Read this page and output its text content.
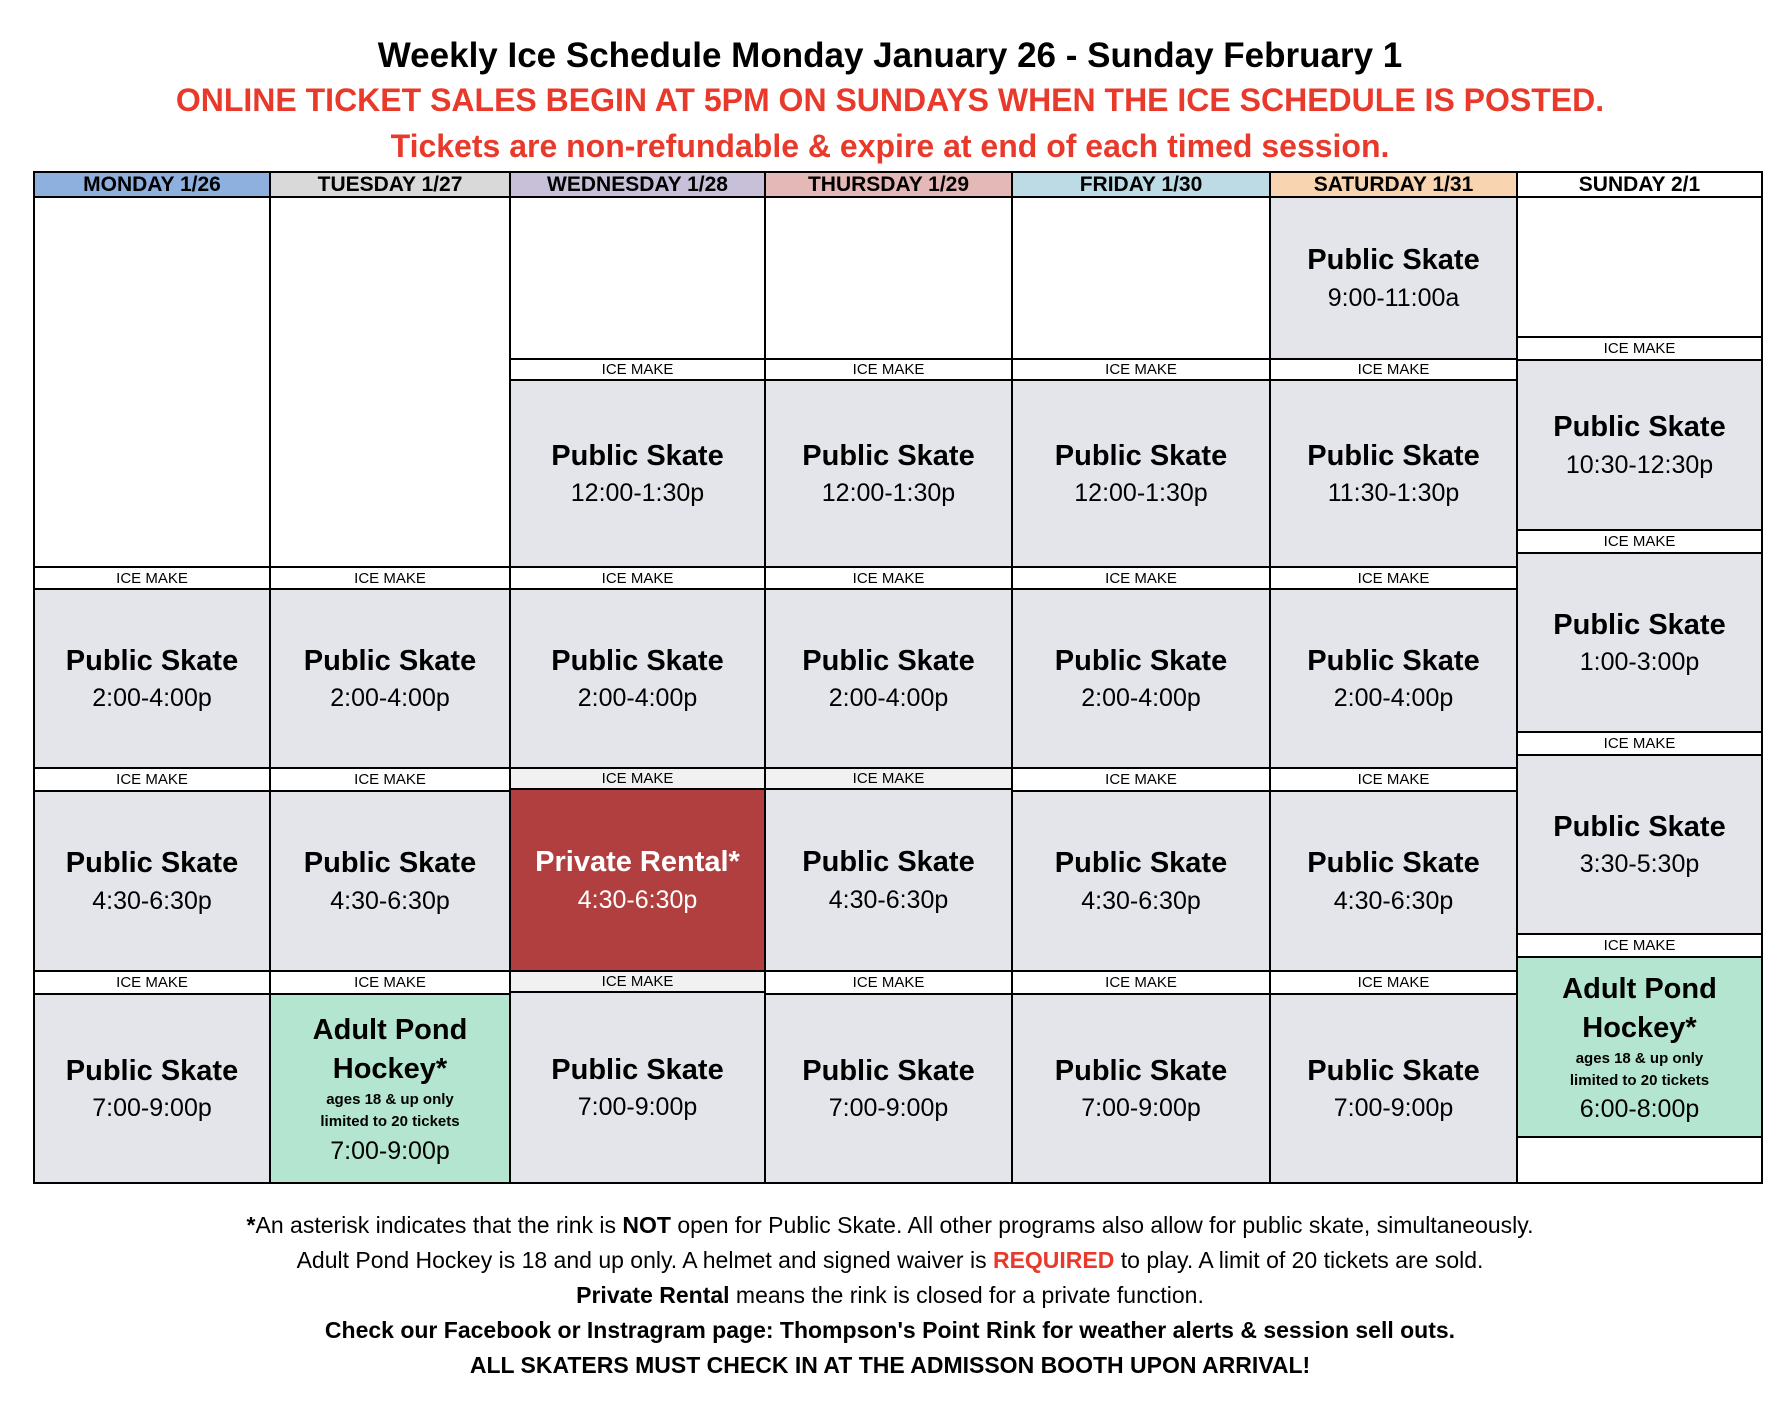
Weekly Ice Schedule Monday January 26 - Sunday February 1
ONLINE TICKET SALES BEGIN AT 5PM ON SUNDAYS WHEN THE ICE SCHEDULE IS POSTED.
Tickets are non-refundable & expire at end of each timed session.
MONDAY 1/26
ICE MAKE
Public Skate
2:00-4:00p
ICE MAKE
Public Skate
4:30-6:30p
ICE MAKE
Public Skate
7:00-9:00p
TUESDAY 1/27
ICE MAKE
Public Skate
2:00-4:00p
ICE MAKE
Public Skate
4:30-6:30p
ICE MAKE
Adult Pond Hockey*
ages 18 & up only
limited to 20 tickets
7:00-9:00p
WEDNESDAY 1/28
ICE MAKE
Public Skate
12:00-1:30p
ICE MAKE
Public Skate
2:00-4:00p
ICE MAKE
Private Rental*
4:30-6:30p
ICE MAKE
Public Skate
7:00-9:00p
THURSDAY 1/29
ICE MAKE
Public Skate
12:00-1:30p
ICE MAKE
Public Skate
2:00-4:00p
ICE MAKE
Public Skate
4:30-6:30p
ICE MAKE
Public Skate
7:00-9:00p
FRIDAY 1/30
ICE MAKE
Public Skate
12:00-1:30p
ICE MAKE
Public Skate
2:00-4:00p
ICE MAKE
Public Skate
4:30-6:30p
ICE MAKE
Public Skate
7:00-9:00p
SATURDAY 1/31
Public Skate
9:00-11:00a
ICE MAKE
Public Skate
11:30-1:30p
ICE MAKE
Public Skate
2:00-4:00p
ICE MAKE
Public Skate
4:30-6:30p
ICE MAKE
Public Skate
7:00-9:00p
SUNDAY 2/1
ICE MAKE
Public Skate
10:30-12:30p
ICE MAKE
Public Skate
1:00-3:00p
ICE MAKE
Public Skate
3:30-5:30p
ICE MAKE
Adult Pond Hockey*
ages 18 & up only
limited to 20 tickets
6:00-8:00p
*An asterisk indicates that the rink is NOT open for Public Skate. All other programs also allow for public skate, simultaneously.
Adult Pond Hockey is 18 and up only. A helmet and signed waiver is REQUIRED to play. A limit of 20 tickets are sold.
Private Rental means the rink is closed for a private function.
Check our Facebook or Instragram page: Thompson's Point Rink for weather alerts & session sell outs.
ALL SKATERS MUST CHECK IN AT THE ADMISSON BOOTH UPON ARRIVAL!
